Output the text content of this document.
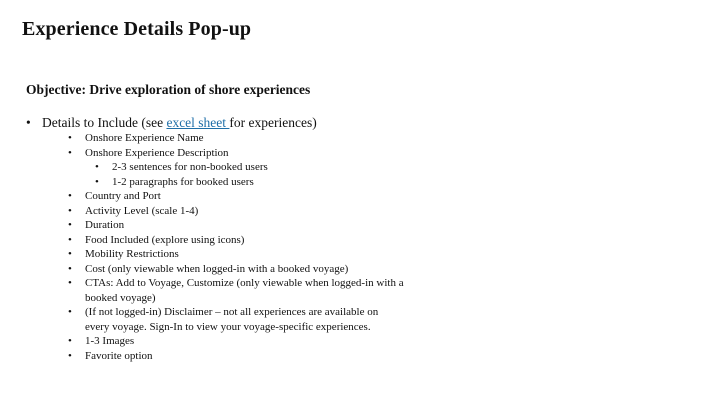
Experience Details Pop-up
Objective: Drive exploration of shore experiences
• Details to Include (see excel sheet for experiences)
• Onshore Experience Name
• Onshore Experience Description
• 2-3 sentences for non-booked users
• 1-2 paragraphs for booked users
• Country and Port
• Activity Level (scale 1-4)
• Duration
• Food Included (explore using icons)
• Mobility Restrictions
• Cost (only viewable when logged-in with a booked voyage)
• CTAs: Add to Voyage, Customize (only viewable when logged-in with a booked voyage)
• (If not logged-in) Disclaimer – not all experiences are available on every voyage. Sign-In to view your voyage-specific experiences.
• 1-3 Images
• Favorite option
